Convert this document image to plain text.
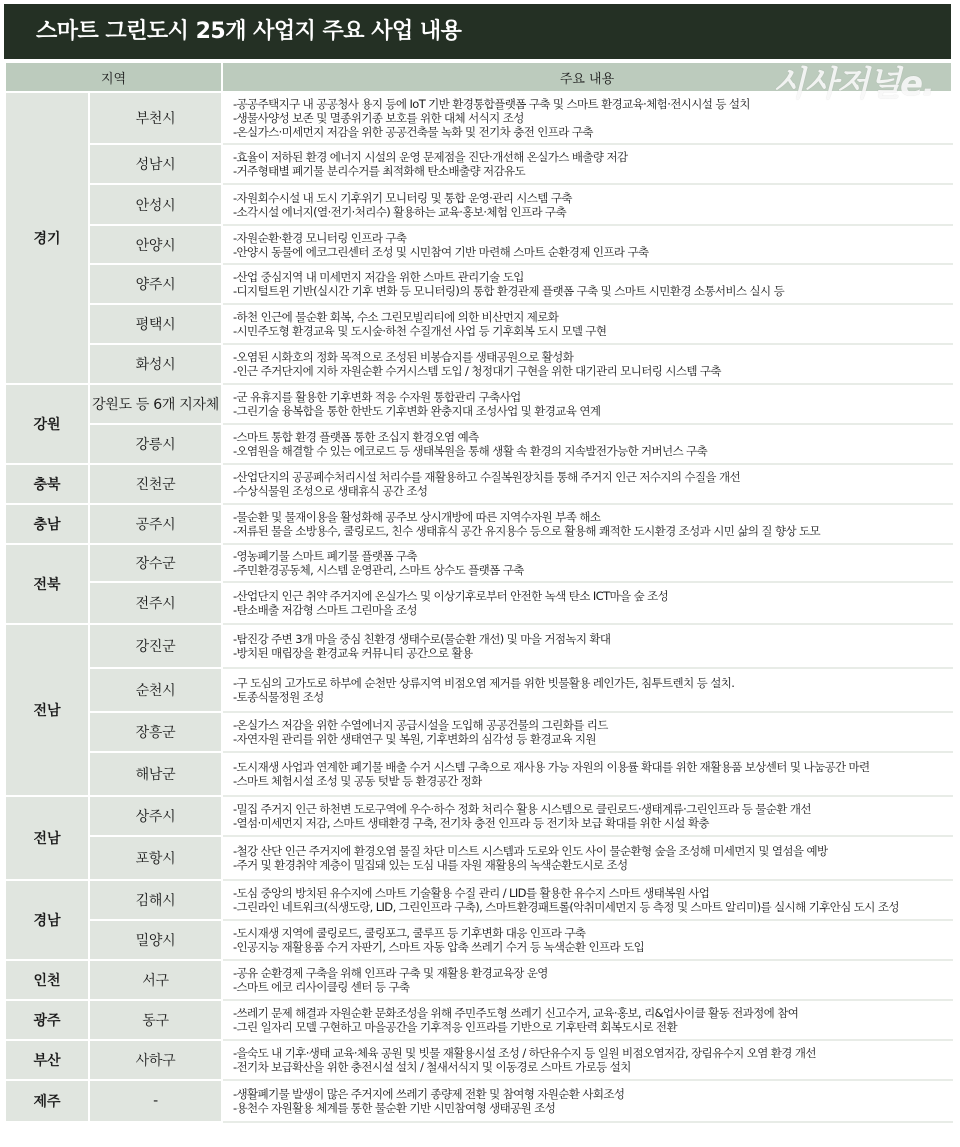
스마트 그린도시 25개 사업지 주요 사업 내용
시사저널e.
지역		주요 내용
경기	부천시	-공공주택지구 내 공공청사 용지 등에 IoT 기반 환경통합플랫폼 구축 및 스마트 환경교육·체험·전시시설 등 설치
-생물사양성 보존 및 멸종위기종 보호를 위한 대체 서식지 조성
-온실가스·미세먼지 저감을 위한 공공건축물 녹화 및 전기차 충전 인프라 구축

	성남시	-효율이 저하된 환경 에너지 시설의 운영 문제점을 진단·개선해 온실가스 배출량 저감
-거주형태별 폐기물 분리수거를 최적화해 탄소배출량 저감유도

	안성시	-자원회수시설 내 도시 기후위기 모니터링 및 통합 운영·관리 시스템 구축
-소각시설 에너지(열·전기·처리수) 활용하는 교육·홍보·체험 인프라 구축

	안양시	-자원순환·환경 모니터링 인프라 구축
-안양시 동물에 에코그린센터 조성 및 시민참여 기반 마련해 스마트 순환경제 인프라 구축

	양주시	-산업 중심지역 내 미세먼지 저감을 위한 스마트 관리기술 도입
-디지털트윈 기반(실시간 기후 변화 등 모니터링)의 통합 환경관제 플랫폼 구축 및 스마트 시민환경 소통서비스 실시 등

	평택시	-하천 인근에 물순환 회복, 수소 그린모빌리티에 의한 비산먼지 제로화
-시민주도형 환경교육 및 도시숲·하천 수질개선 사업 등 기후회복 도시 모델 구현

	화성시	-오염된 시화호의 정화 목적으로 조성된 비봉습지를 생태공원으로 활성화
-인근 주거단지에 지하 자원순환 수거시스템 도입 / 청정대기 구현을 위한 대기관리 모니터링 시스템 구축

강원	강원도 등 6개 지자체	-군 유휴지를 활용한 기후변화 적응 수자원 통합관리 구축사업
-그린기술 융복합을 통한 한반도 기후변화 완충지대 조성사업 및 환경교육 연계

	강릉시	-스마트 통합 환경 플랫폼 통한 조십지 환경오염 예측
-오염원을 해결할 수 있는 에코로드 등 생태복원을 통해 생활 속 환경의 지속발전가능한 거버넌스 구축

충북	진천군	-산업단지의 공공폐수처리시설 처리수를 재활용하고 수질복원장치를 통해 주거지 인근 저수지의 수질을 개선
-수상식물원 조성으로 생태휴식 공간 조성

충남	공주시	-물순환 및 물재이용을 활성화해 공주보 상시개방에 따른 지역수자원 부족 해소
-저류된 물을 소방용수, 쿨링로드, 친수 생태휴식 공간 유지용수 등으로 활용해 쾌적한 도시환경 조성과 시민 삶의 질 향상 도모

전북	장수군	-영농폐기물 스마트 폐기물 플랫폼 구축
-주민환경공동체, 시스템 운영관리, 스마트 상수도 플랫폼 구축

	전주시	-산업단지 인근 취약 주거지에 온실가스 및 이상기후로부터 안전한 녹색 탄소 ICT마을 숲 조성
-탄소배출 저감형 스마트 그린마을 조성

전남	강진군	-탐진강 주변 3개 마을 중심 친환경 생태수로(물순환 개선) 및 마을 거점녹지 확대
-방치된 매립장을 환경교육 커뮤니티 공간으로 활용

	순천시	-구 도심의 고가도로 하부에 순천만 상류지역 비점오염 제거를 위한 빗물활용 레인가든, 침투트렌치 등 설치.
-토종식물정원 조성

	장흥군	-온실가스 저감을 위한 수열에너지 공급시설을 도입해 공공건물의 그린화를 리드
-자연자원 관리를 위한 생태연구 및 복원, 기후변화의 심각성 등 환경교육 지원

	해남군	-도시재생 사업과 연계한 폐기물 배출 수거 시스템 구축으로 재사용 가능 자원의 이용률 확대를 위한 재활용품 보상센터 및 나눔공간 마련
-스마트 체험시설 조성 및 공동 텃밭 등 환경공간 정화

전남	상주시	-밀집 주거지 인근 하천변 도로구역에 우수·하수 정화 처리수 활용 시스템으로 클린로드·생태계류·그린인프라 등 물순환 개선
-열섬·미세먼지 저감, 스마트 생태환경 구축, 전기차 충전 인프라 등 전기차 보급 확대를 위한 시설 확충

	포항시	-철강 산단 인근 주거지에 환경오염 물질 차단 미스트 시스템과 도로와 인도 사이 물순환형 숲을 조성해 미세먼지 및 열섬을 예방
-주거 및 환경취약 계층이 밀집돼 있는 도심 내를 자원 재활용의 녹색순환도시로 조성

경남	김해시	-도심 중앙의 방치된 유수지에 스마트 기술활용 수질 관리 / LID를 활용한 유수지 스마트 생태복원 사업
-그린라인 네트워크(식생도랑, LID, 그린인프라 구축), 스마트환경패트롤(악취미세먼지 등 측정 및 스마트 알리미)를 실시해 기후안심 도시 조성

	밀양시	-도시재생 지역에 쿨링로드, 쿨링포그, 쿨루프 등 기후변화 대응 인프라 구축
-인공지능 재활용품 수거 자판기, 스마트 자동 압축 쓰레기 수거 등 녹색순환 인프라 도입

인천	서구	-공유 순환경제 구축을 위해 인프라 구축 및 재활용 환경교육장 운영
-스마트 에코 리사이클링 센터 등 구축

광주	동구	-쓰레기 문제 해결과 자원순환 문화조성을 위해 주민주도형 쓰레기 신고수거, 교육·홍보, 리&업사이클 활동 전과정에 참여
-그린 일자리 모델 구현하고 마을공간을 기후적응 인프라를 기반으로 기후탄력 회복도시로 전환

부산	사하구	-을숙도 내 기후·생태 교육·체육 공원 및 빗물 재활용시설 조성 / 하단유수지 등 일원 비점오염저감, 장림유수지 오염 환경 개선
-전기차 보급확산을 위한 충전시설 설치 / 철새서식지 및 이동경로 스마트 가로등 설치

제주	-	-생활폐기물 발생이 많은 주거지에 쓰레기 종량제 전환 및 참여형 자원순환 사회조성
-용천수 자원활용 체계를 통한 물순환 기반 시민참여형 생태공원 조성
